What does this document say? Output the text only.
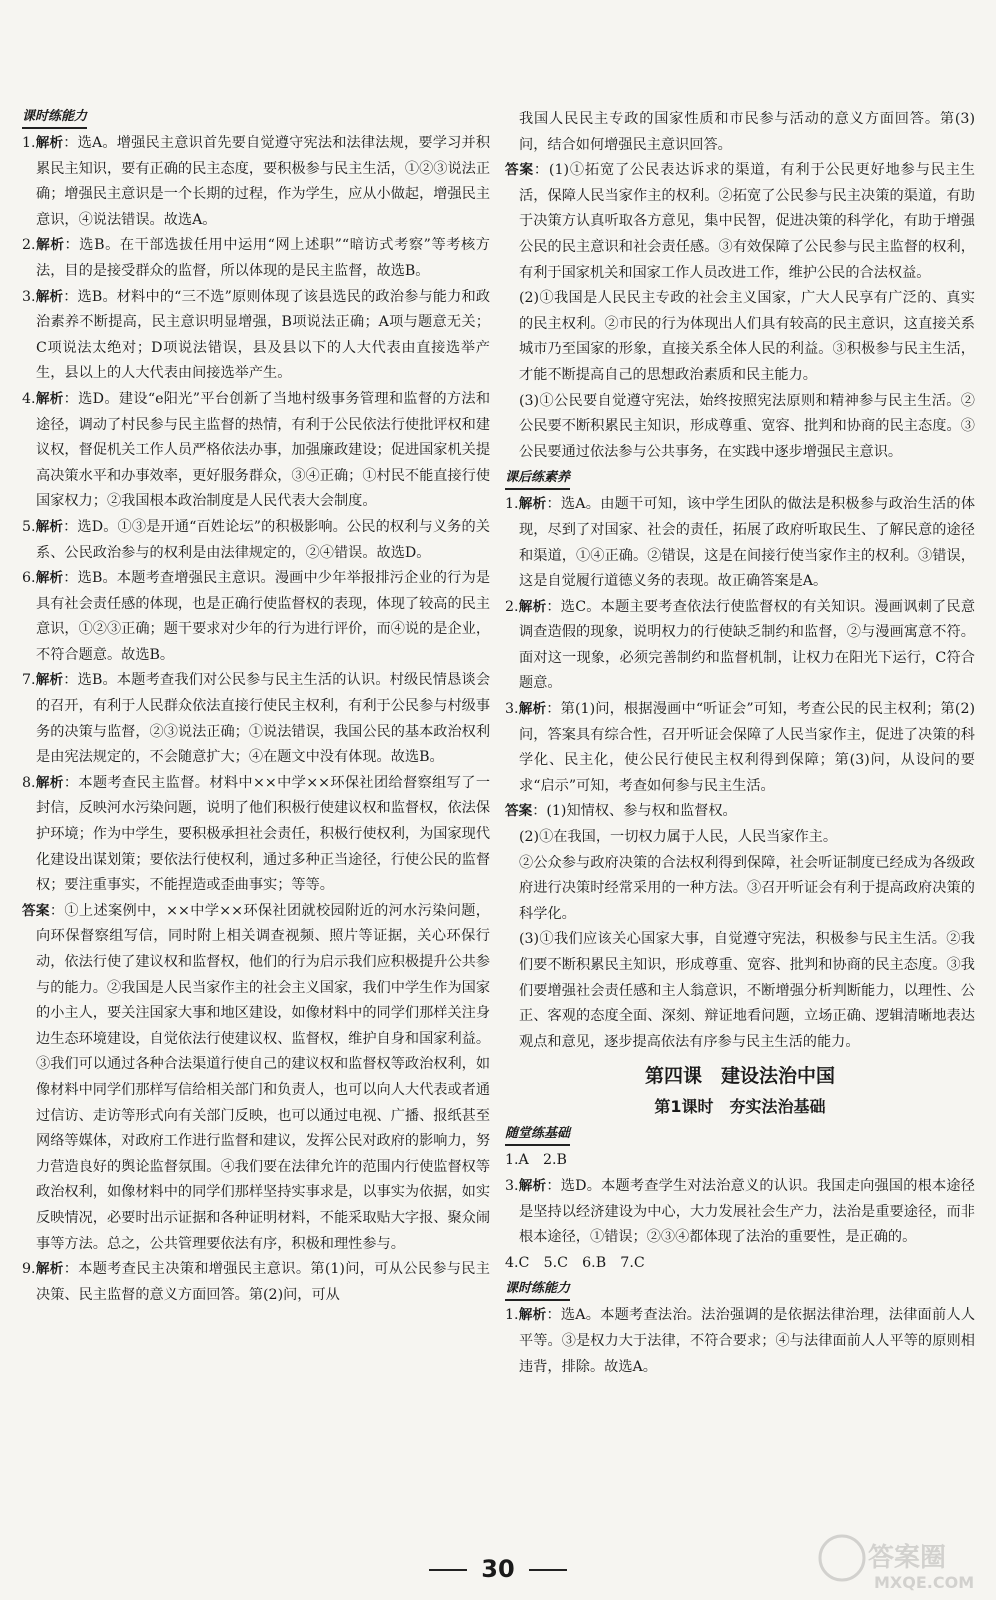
课时练能力

1.解析：选A。增强民主意识首先要自觉遵守宪法和法律法规，要学习并积累民主知识，要有正确的民主态度，要积极参与民主生活，①②③说法正确；增强民主意识是一个长期的过程，作为学生，应从小做起，增强民主意识，④说法错误。故选A。

2.解析：选B。在干部选拔任用中运用“网上述职”“暗访式考察”等考核方法，目的是接受群众的监督，所以体现的是民主监督，故选B。

3.解析：选B。材料中的“三不选”原则体现了该县选民的政治参与能力和政治素养不断提高，民主意识明显增强，B项说法正确；A项与题意无关；C项说法太绝对；D项说法错误，县及县以下的人大代表由直接选举产生，县以上的人大代表由间接选举产生。

4.解析：选D。建设“e阳光”平台创新了当地村级事务管理和监督的方法和途径，调动了村民参与民主监督的热情，有利于公民依法行使批评权和建议权，督促机关工作人员严格依法办事，加强廉政建设；促进国家机关提高决策水平和办事效率，更好服务群众，③④正确；①村民不能直接行使国家权力；②我国根本政治制度是人民代表大会制度。

5.解析：选D。①③是开通“百姓论坛”的积极影响。公民的权利与义务的关系、公民政治参与的权利是由法律规定的，②④错误。故选D。

6.解析：选B。本题考查增强民主意识。漫画中少年举报排污企业的行为是具有社会责任感的体现，也是正确行使监督权的表现，体现了较高的民主意识，①②③正确；题干要求对少年的行为进行评价，而④说的是企业，不符合题意。故选B。

7.解析：选B。本题考查我们对公民参与民主生活的认识。村级民情恳谈会的召开，有利于人民群众依法直接行使民主权利，有利于公民参与村级事务的决策与监督，②③说法正确；①说法错误，我国公民的基本政治权利是由宪法规定的，不会随意扩大；④在题文中没有体现。故选B。

8.解析：本题考查民主监督。材料中××中学××环保社团给督察组写了一封信，反映河水污染问题，说明了他们积极行使建议权和监督权，依法保护环境；作为中学生，要积极承担社会责任，积极行使权利，为国家现代化建设出谋划策；要依法行使权利，通过多种正当途径，行使公民的监督权；要注重事实，不能捏造或歪曲事实；等等。

答案：①上述案例中，××中学××环保社团就校园附近的河水污染问题，向环保督察组写信，同时附上相关调查视频、照片等证据，关心环保行动，依法行使了建议权和监督权，他们的行为启示我们应积极提升公共参与的能力。②我国是人民当家作主的社会主义国家，我们中学生作为国家的小主人，要关注国家大事和地区建设，如像材料中的同学们那样关注身边生态环境建设，自觉依法行使建议权、监督权，维护自身和国家利益。③我们可以通过各种合法渠道行使自己的建议权和监督权等政治权利，如像材料中同学们那样写信给相关部门和负责人，也可以向人大代表或者通过信访、走访等形式向有关部门反映，也可以通过电视、广播、报纸甚至网络等媒体，对政府工作进行监督和建议，发挥公民对政府的影响力，努力营造良好的舆论监督氛围。④我们要在法律允许的范围内行使监督权等政治权利，如像材料中的同学们那样坚持实事求是，以事实为依据，如实反映情况，必要时出示证据和各种证明材料，不能采取贴大字报、聚众闹事等方法。总之，公共管理要依法有序，积极和理性参与。

9.解析：本题考查民主决策和增强民主意识。第(1)问，可从公民参与民主决策、民主监督的意义方面回答。第(2)问，可从

我国人民民主专政的国家性质和市民参与活动的意义方面回答。第(3)问，结合如何增强民主意识回答。

答案：(1)①拓宽了公民表达诉求的渠道，有利于公民更好地参与民主生活，保障人民当家作主的权利。②拓宽了公民参与民主决策的渠道，有助于决策方认真听取各方意见，集中民智，促进决策的科学化，有助于增强公民的民主意识和社会责任感。③有效保障了公民参与民主监督的权利，有利于国家机关和国家工作人员改进工作，维护公民的合法权益。

(2)①我国是人民民主专政的社会主义国家，广大人民享有广泛的、真实的民主权利。②市民的行为体现出人们具有较高的民主意识，这直接关系城市乃至国家的形象，直接关系全体人民的利益。③积极参与民主生活，才能不断提高自己的思想政治素质和民主能力。

(3)①公民要自觉遵守宪法，始终按照宪法原则和精神参与民主生活。②公民要不断积累民主知识，形成尊重、宽容、批判和协商的民主态度。③公民要通过依法参与公共事务，在实践中逐步增强民主意识。

课后练素养

1.解析：选A。由题干可知，该中学生团队的做法是积极参与政治生活的体现，尽到了对国家、社会的责任，拓展了政府听取民生、了解民意的途径和渠道，①④正确。②错误，这是在间接行使当家作主的权利。③错误，这是自觉履行道德义务的表现。故正确答案是A。

2.解析：选C。本题主要考查依法行使监督权的有关知识。漫画讽刺了民意调查造假的现象，说明权力的行使缺乏制约和监督，②与漫画寓意不符。面对这一现象，必须完善制约和监督机制，让权力在阳光下运行，C符合题意。

3.解析：第(1)问，根据漫画中“听证会”可知，考查公民的民主权利；第(2)问，答案具有综合性，召开听证会保障了人民当家作主，促进了决策的科学化、民主化，使公民行使民主权利得到保障；第(3)问，从设问的要求“启示”可知，考查如何参与民主生活。

答案：(1)知情权、参与权和监督权。

(2)①在我国，一切权力属于人民，人民当家作主。

②公众参与政府决策的合法权利得到保障，社会听证制度已经成为各级政府进行决策时经常采用的一种方法。③召开听证会有利于提高政府决策的科学化。

(3)①我们应该关心国家大事，自觉遵守宪法，积极参与民主生活。②我们要不断积累民主知识，形成尊重、宽容、批判和协商的民主态度。③我们要增强社会责任感和主人翁意识，不断增强分析判断能力，以理性、公正、客观的态度全面、深刻、辩证地看问题，立场正确、逻辑清晰地表达观点和意见，逐步提高依法有序参与民主生活的能力。

第四课　建设法治中国
第1课时　夯实法治基础
随堂练基础

1.A　2.B

3.解析：选D。本题考查学生对法治意义的认识。我国走向强国的根本途径是坚持以经济建设为中心，大力发展社会生产力，法治是重要途径，而非根本途径，①错误；②③④都体现了法治的重要性，是正确的。

4.C　5.C　6.B　7.C

课时练能力

1.解析：选A。本题考查法治。法治强调的是依据法律治理，法律面前人人平等。③是权力大于法律，不符合要求；④与法律面前人人平等的原则相违背，排除。故选A。

30	答案圈
MXQE.COM
